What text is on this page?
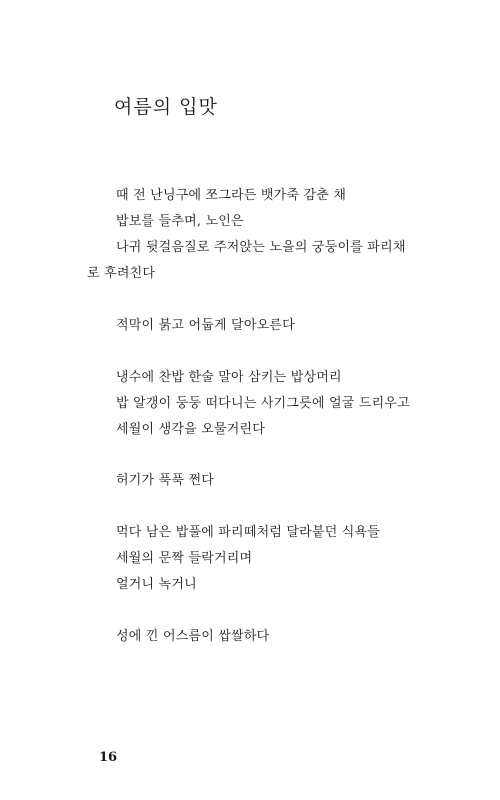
여름의 입맛
때 전 난닝구에 쪼그라든 뱃가죽 감춘 채
밥보를 들추며, 노인은
나귀 뒷걸음질로 주저앉는 노을의 궁둥이를 파리채
로 후려친다
적막이 붉고 어둡게 달아오른다
냉수에 찬밥 한술 말아 삼키는 밥상머리
밥 알갱이 둥둥 떠다니는 사기그릇에 얼굴 드리우고
세월이 생각을 오물거린다
허기가 푹푹 쩐다
먹다 남은 밥풀에 파리떼처럼 달라붙던 식욕들
세월의 문짝 들락거리며
얼거니 녹거니
성에 낀 어스름이 쌉쌀하다
16
